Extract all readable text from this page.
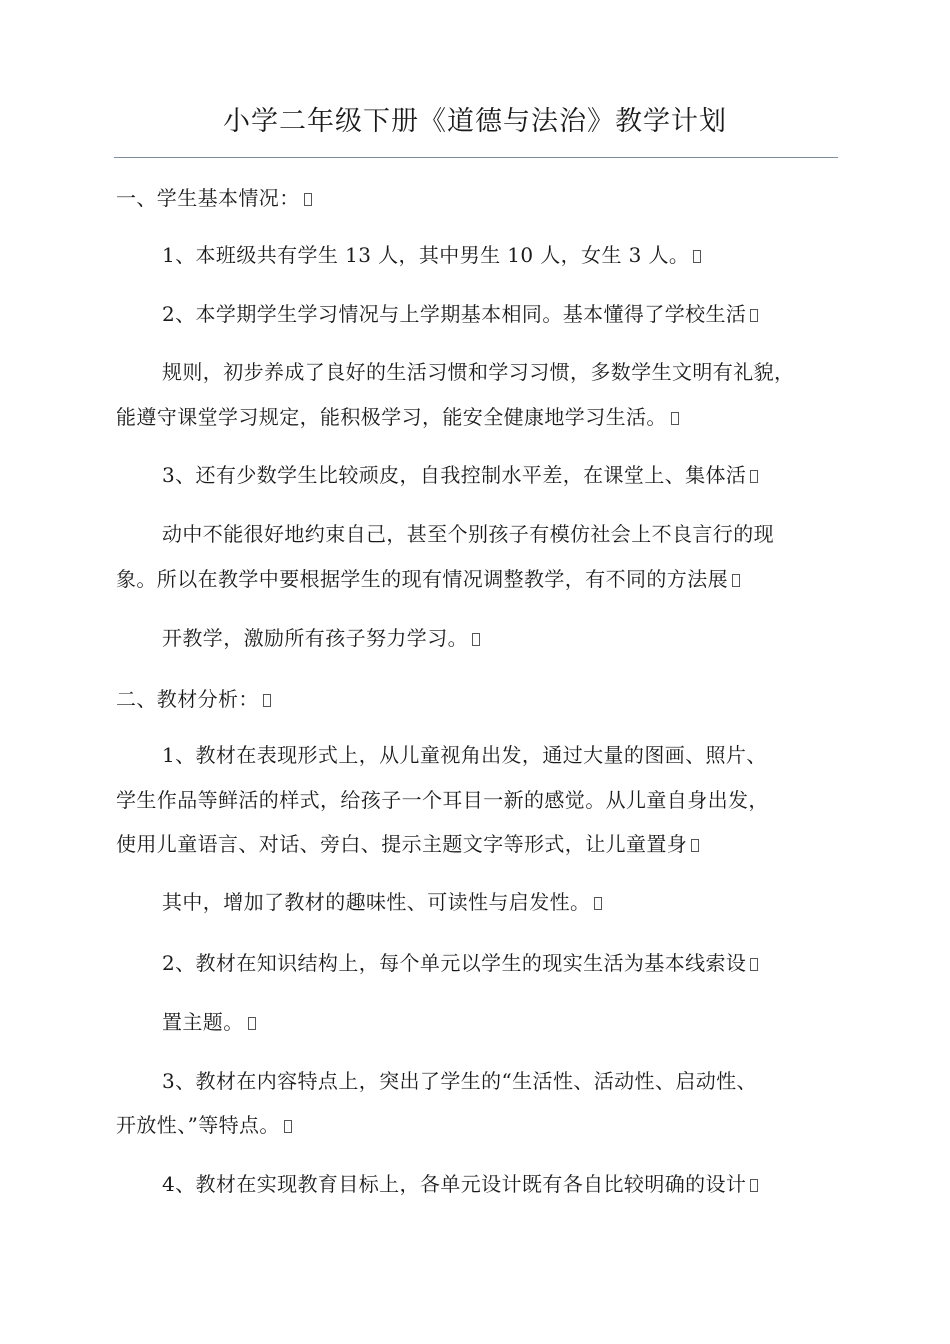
小学二年级下册《道德与法治》教学计划
一、学生基本情况：
1、本班级共有学生 13 人，其中男生 10 人，女生 3 人。
2、本学期学生学习情况与上学期基本相同。基本懂得了学校生活
规则，初步养成了良好的生活习惯和学习习惯，多数学生文明有礼貌，
能遵守课堂学习规定，能积极学习，能安全健康地学习生活。
3、还有少数学生比较顽皮，自我控制水平差，在课堂上、集体活
动中不能很好地约束自己，甚至个别孩子有模仿社会上不良言行的现
象。所以在教学中要根据学生的现有情况调整教学，有不同的方法展
开教学，激励所有孩子努力学习。
二、教材分析：
1、教材在表现形式上，从儿童视角出发，通过大量的图画、照片、
学生作品等鲜活的样式，给孩子一个耳目一新的感觉。从儿童自身出发，
使用儿童语言、对话、旁白、提示主题文字等形式，让儿童置身
其中，增加了教材的趣味性、可读性与启发性。
2、教材在知识结构上，每个单元以学生的现实生活为基本线索设
置主题。
3、教材在内容特点上，突出了学生的“生活性、活动性、启动性、
开放性、”等特点。
4、教材在实现教育目标上，各单元设计既有各自比较明确的设计
